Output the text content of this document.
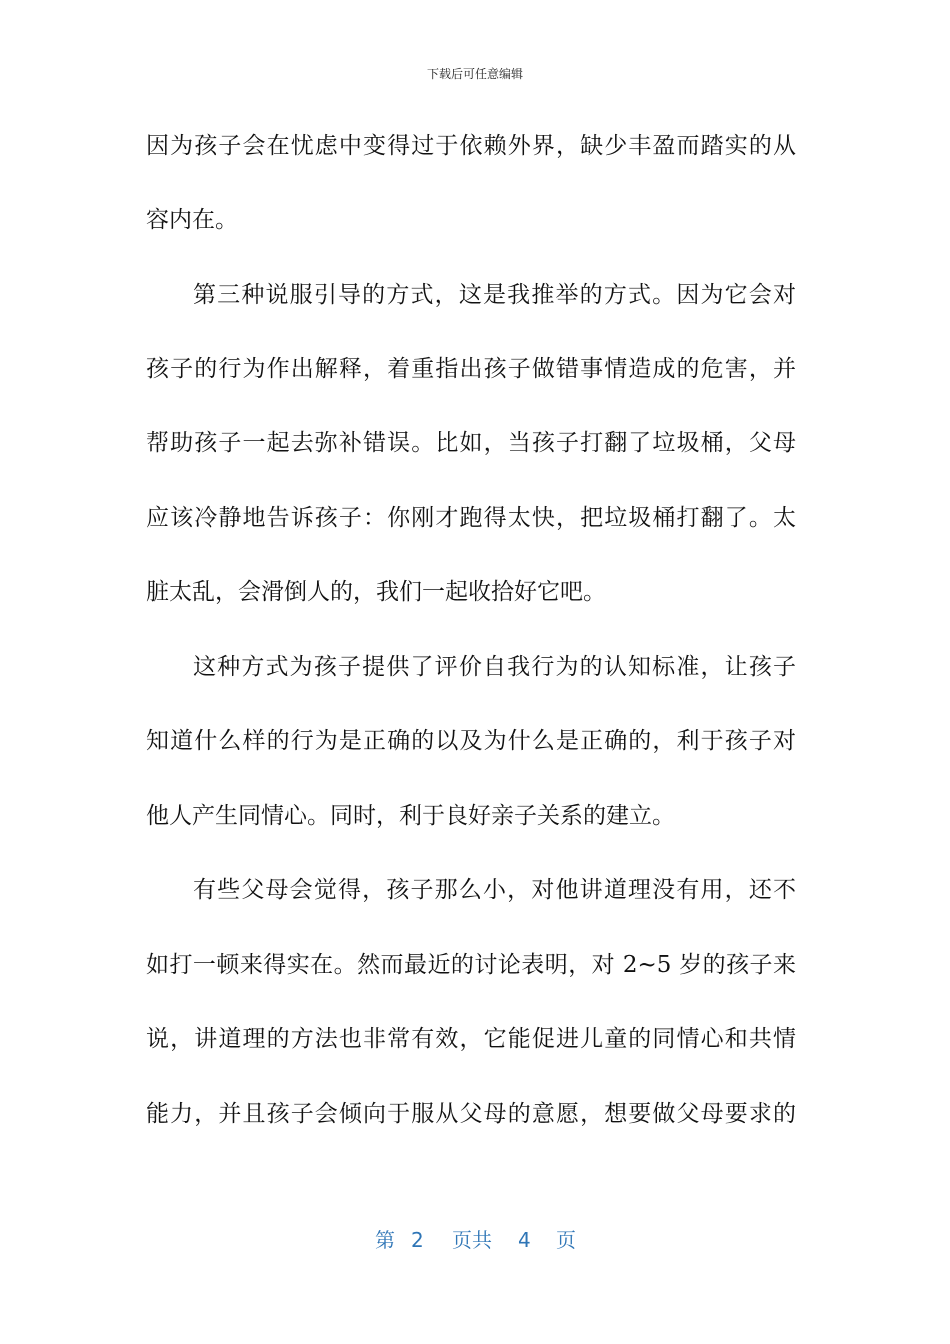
下载后可任意编辑
因为孩子会在忧虑中变得过于依赖外界，缺少丰盈而踏实的从
容内在。
第三种说服引导的方式，这是我推举的方式。因为它会对
孩子的行为作出解释，着重指出孩子做错事情造成的危害，并
帮助孩子一起去弥补错误。比如，当孩子打翻了垃圾桶，父母
应该冷静地告诉孩子：你刚才跑得太快，把垃圾桶打翻了。太
脏太乱，会滑倒人的，我们一起收拾好它吧。
这种方式为孩子提供了评价自我行为的认知标准，让孩子
知道什么样的行为是正确的以及为什么是正确的，利于孩子对
他人产生同情心。同时，利于良好亲子关系的建立。
有些父母会觉得，孩子那么小，对他讲道理没有用，还不
如打一顿来得实在。然而最近的讨论表明，对 2~5 岁的孩子来
说，讲道理的方法也非常有效，它能促进儿童的同情心和共情
能力，并且孩子会倾向于服从父母的意愿，想要做父母要求的
第 2 页共 4 页
